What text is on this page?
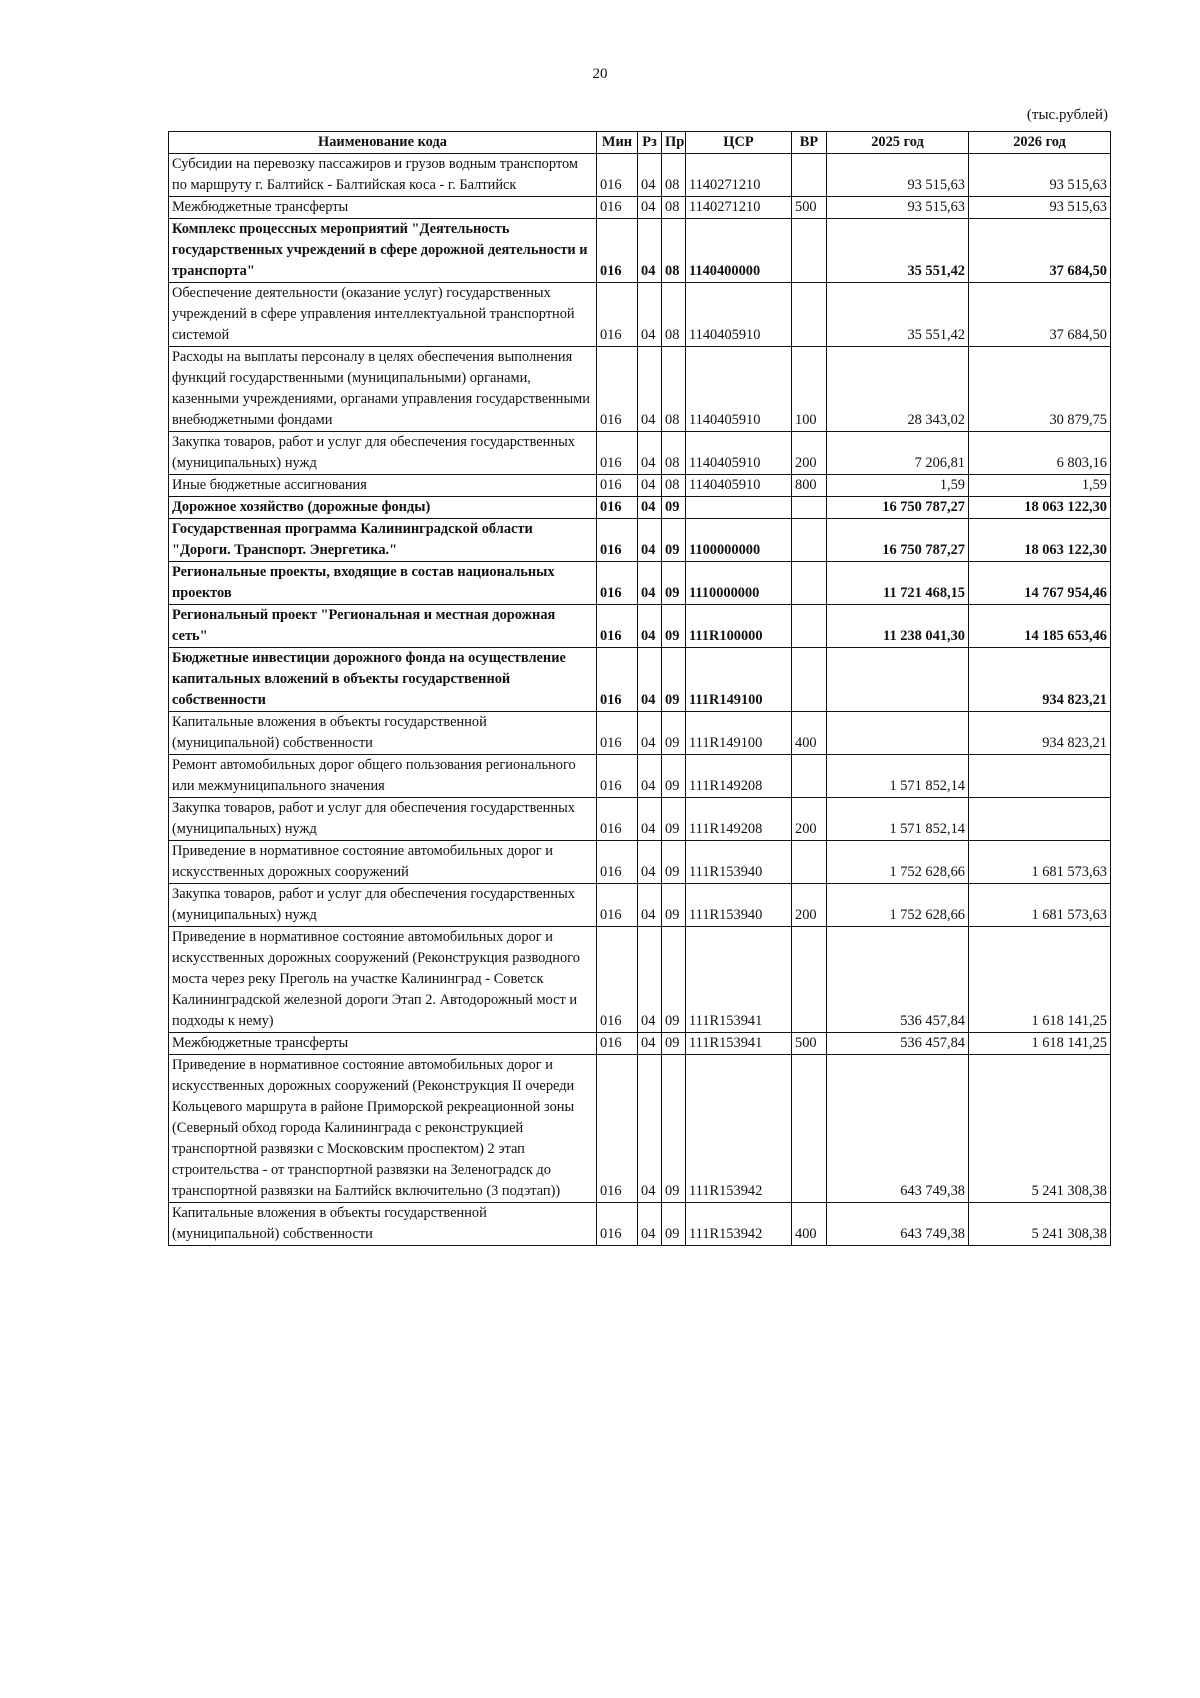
20
(тыс.рублей)
Наименование кода	Мин	Рз	Пр	ЦСР	ВР	2025 год	2026 год
Субсидии на перевозку пассажиров и грузов водным транспортом по маршруту г. Балтийск - Балтийская коса - г. Балтийск	016	04	08	1140271210		93 515,63	93 515,63
Межбюджетные трансферты	016	04	08	1140271210	500	93 515,63	93 515,63
Комплекс процессных мероприятий "Деятельность государственных учреждений в сфере дорожной деятельности и транспорта"	016	04	08	1140400000		35 551,42	37 684,50
Обеспечение деятельности (оказание услуг) государственных учреждений в сфере управления интеллектуальной транспортной системой	016	04	08	1140405910		35 551,42	37 684,50
Расходы на выплаты персоналу в целях обеспечения выполнения функций государственными (муниципальными) органами, казенными учреждениями, органами управления государственными внебюджетными фондами	016	04	08	1140405910	100	28 343,02	30 879,75
Закупка товаров, работ и услуг для обеспечения государственных (муниципальных) нужд	016	04	08	1140405910	200	7 206,81	6 803,16
Иные бюджетные ассигнования	016	04	08	1140405910	800	1,59	1,59
Дорожное хозяйство (дорожные фонды)	016	04	09			16 750 787,27	18 063 122,30
Государственная программа Калининградской области "Дороги. Транспорт. Энергетика."	016	04	09	1100000000		16 750 787,27	18 063 122,30
Региональные проекты, входящие в состав национальных проектов	016	04	09	1110000000		11 721 468,15	14 767 954,46
Региональный проект "Региональная и местная дорожная сеть"	016	04	09	111R100000		11 238 041,30	14 185 653,46
Бюджетные инвестиции дорожного фонда на осуществление капитальных вложений в объекты государственной собственности	016	04	09	111R149100			934 823,21
Капитальные вложения в объекты государственной (муниципальной) собственности	016	04	09	111R149100	400		934 823,21
Ремонт автомобильных дорог общего пользования регионального или межмуниципального значения	016	04	09	111R149208		1 571 852,14	
Закупка товаров, работ и услуг для обеспечения государственных (муниципальных) нужд	016	04	09	111R149208	200	1 571 852,14	
Приведение в нормативное состояние автомобильных дорог и искусственных дорожных сооружений	016	04	09	111R153940		1 752 628,66	1 681 573,63
Закупка товаров, работ и услуг для обеспечения государственных (муниципальных) нужд	016	04	09	111R153940	200	1 752 628,66	1 681 573,63
Приведение в нормативное состояние автомобильных дорог и искусственных дорожных сооружений (Реконструкция разводного моста через реку Преголь на участке Калининград - Советск Калининградской железной дороги Этап 2. Автодорожный мост и подходы к нему)	016	04	09	111R153941		536 457,84	1 618 141,25
Межбюджетные трансферты	016	04	09	111R153941	500	536 457,84	1 618 141,25
Приведение в нормативное состояние автомобильных дорог и искусственных дорожных сооружений (Реконструкция II очереди Кольцевого маршрута в районе Приморской рекреационной зоны (Северный обход города Калининграда с реконструкцией транспортной развязки с Московским проспектом) 2 этап строительства - от транспортной развязки на Зеленоградск до транспортной развязки на Балтийск включительно (3 подэтап))	016	04	09	111R153942		643 749,38	5 241 308,38
Капитальные вложения в объекты государственной (муниципальной) собственности	016	04	09	111R153942	400	643 749,38	5 241 308,38
